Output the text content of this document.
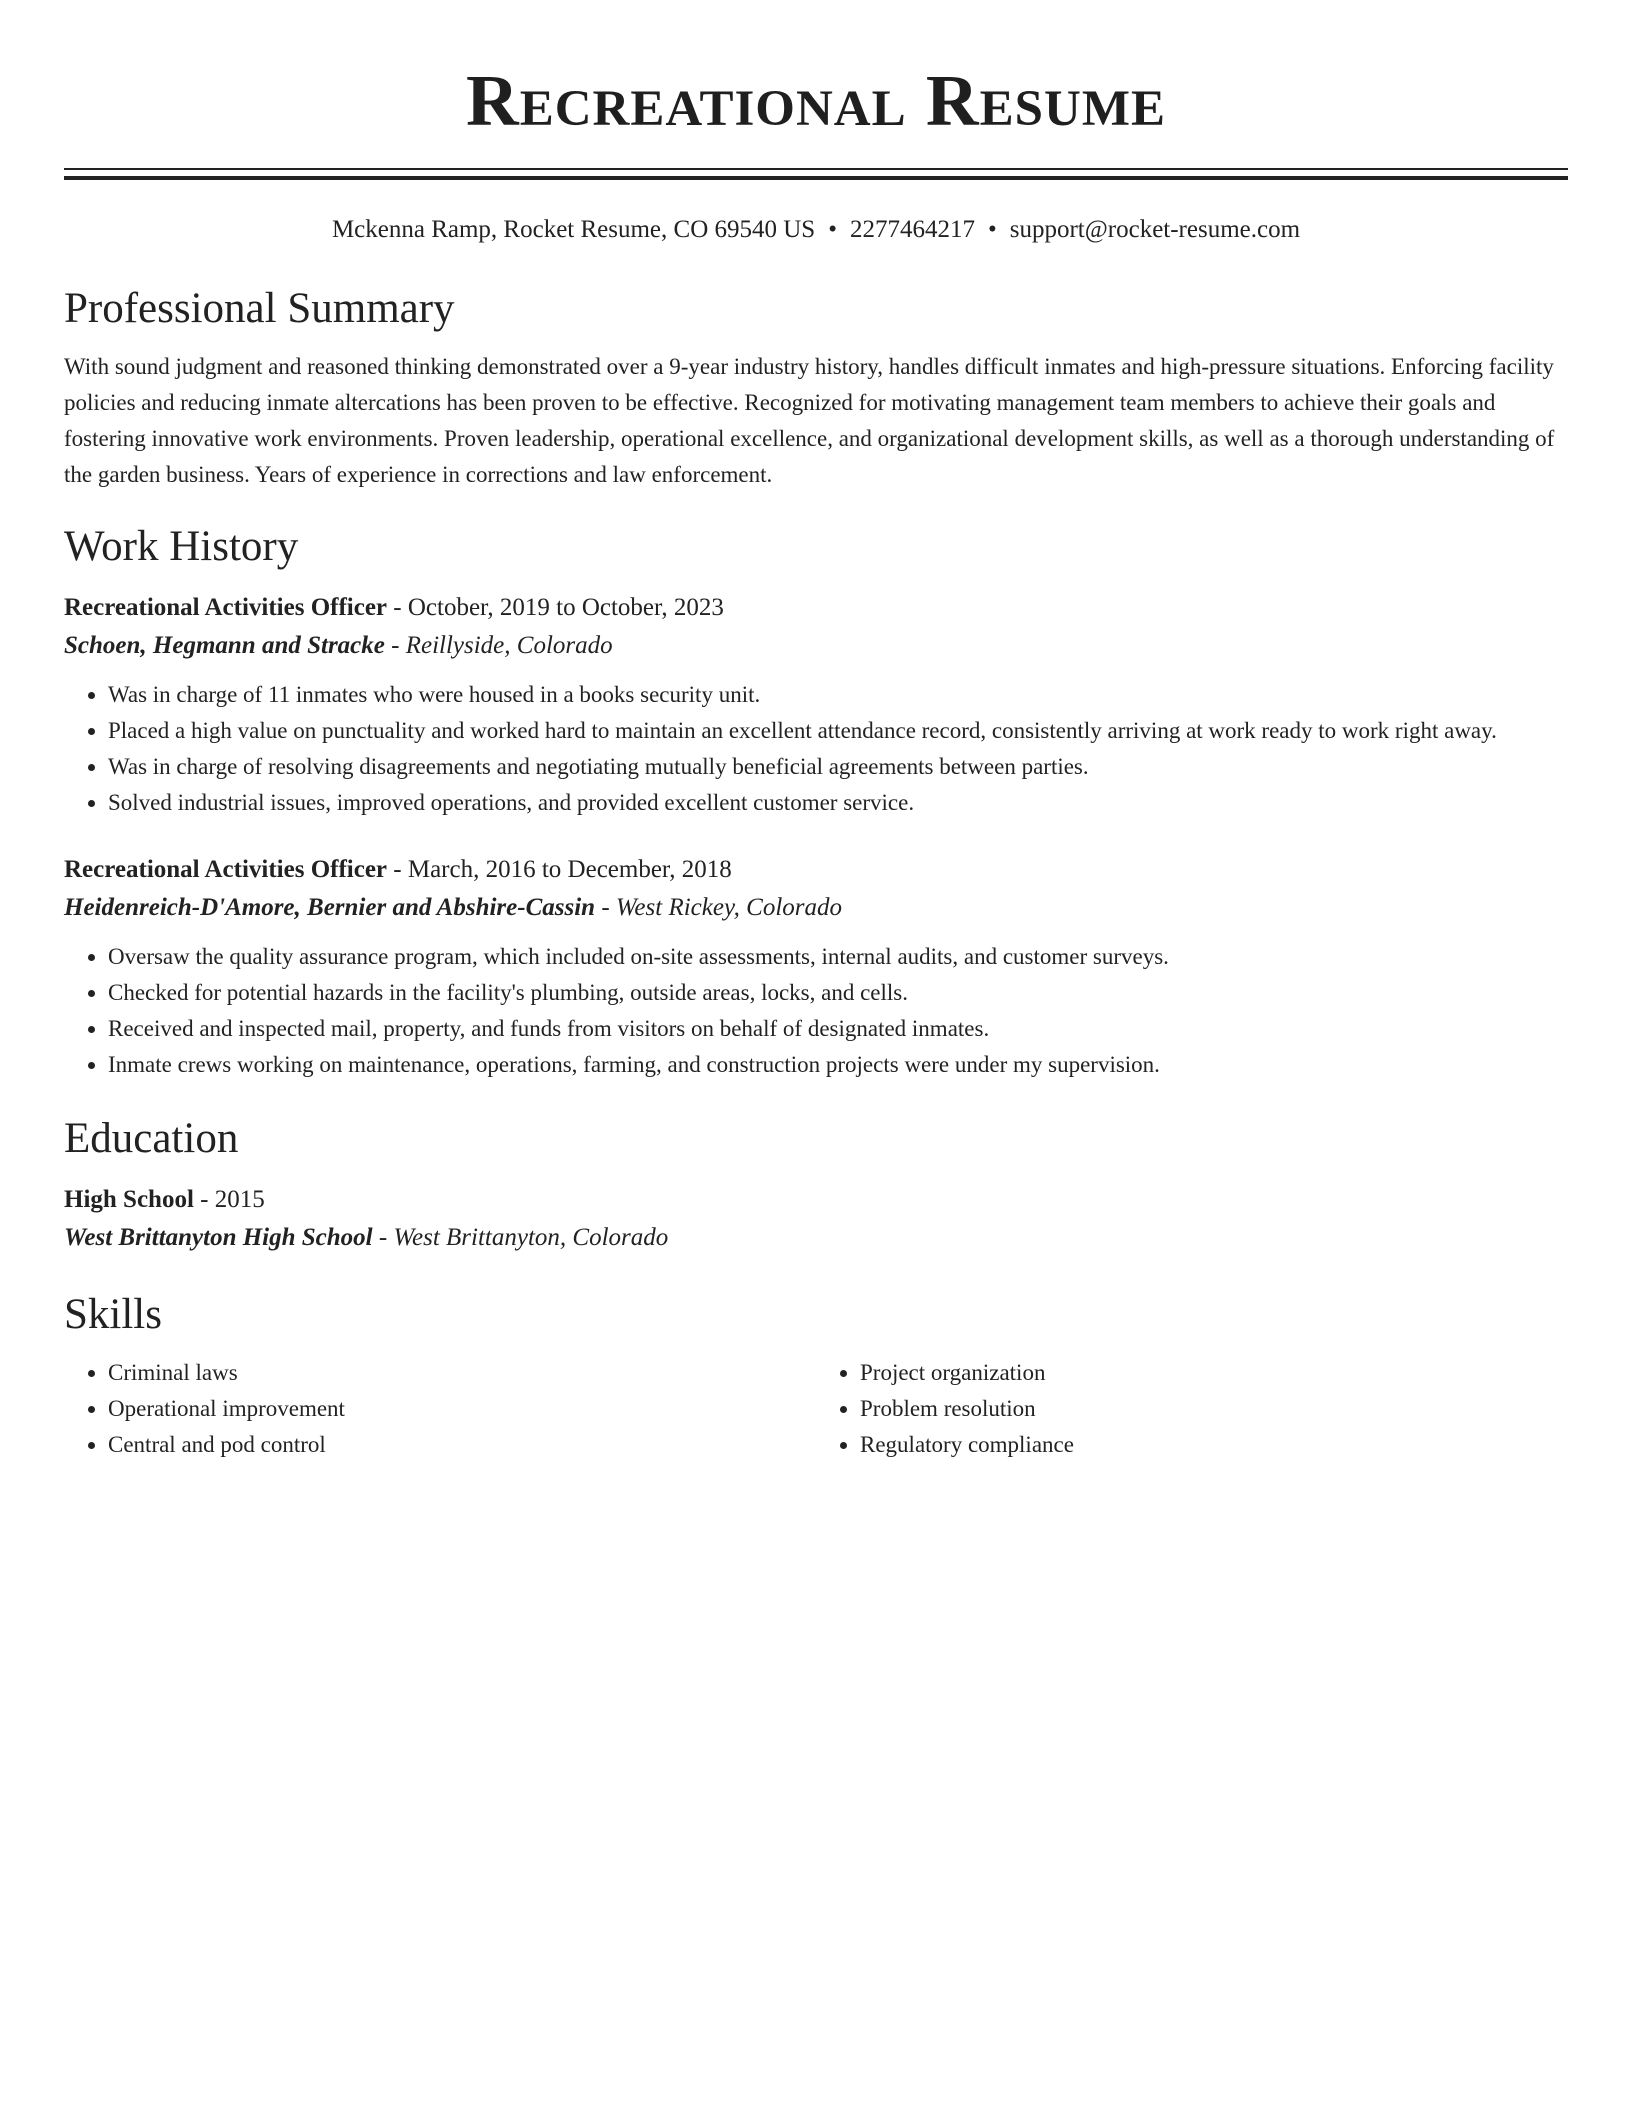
Recreational Resume
Mckenna Ramp, Rocket Resume, CO 69540 US • 2277464217 • support@rocket-resume.com
Professional Summary

With sound judgment and reasoned thinking demonstrated over a 9-year industry history, handles difficult inmates and high-pressure situations. Enforcing facility policies and reducing inmate altercations has been proven to be effective. Recognized for motivating management team members to achieve their goals and fostering innovative work environments. Proven leadership, operational excellence, and organizational development skills, as well as a thorough understanding of the garden business. Years of experience in corrections and law enforcement.

Work History
Recreational Activities Officer - October, 2019 to October, 2023
Schoen, Hegmann and Stracke - Reillyside, Colorado
• Was in charge of 11 inmates who were housed in a books security unit.
• Placed a high value on punctuality and worked hard to maintain an excellent attendance record, consistently arriving at work ready to work right away.
• Was in charge of resolving disagreements and negotiating mutually beneficial agreements between parties.
• Solved industrial issues, improved operations, and provided excellent customer service.
Recreational Activities Officer - March, 2016 to December, 2018
Heidenreich-D'Amore, Bernier and Abshire-Cassin - West Rickey, Colorado
• Oversaw the quality assurance program, which included on-site assessments, internal audits, and customer surveys.
• Checked for potential hazards in the facility's plumbing, outside areas, locks, and cells.
• Received and inspected mail, property, and funds from visitors on behalf of designated inmates.
• Inmate crews working on maintenance, operations, farming, and construction projects were under my supervision.
Education
High School - 2015
West Brittanyton High School - West Brittanyton, Colorado
Skills
• Criminal laws
• Operational improvement
• Central and pod control
• Project organization
• Problem resolution
• Regulatory compliance
